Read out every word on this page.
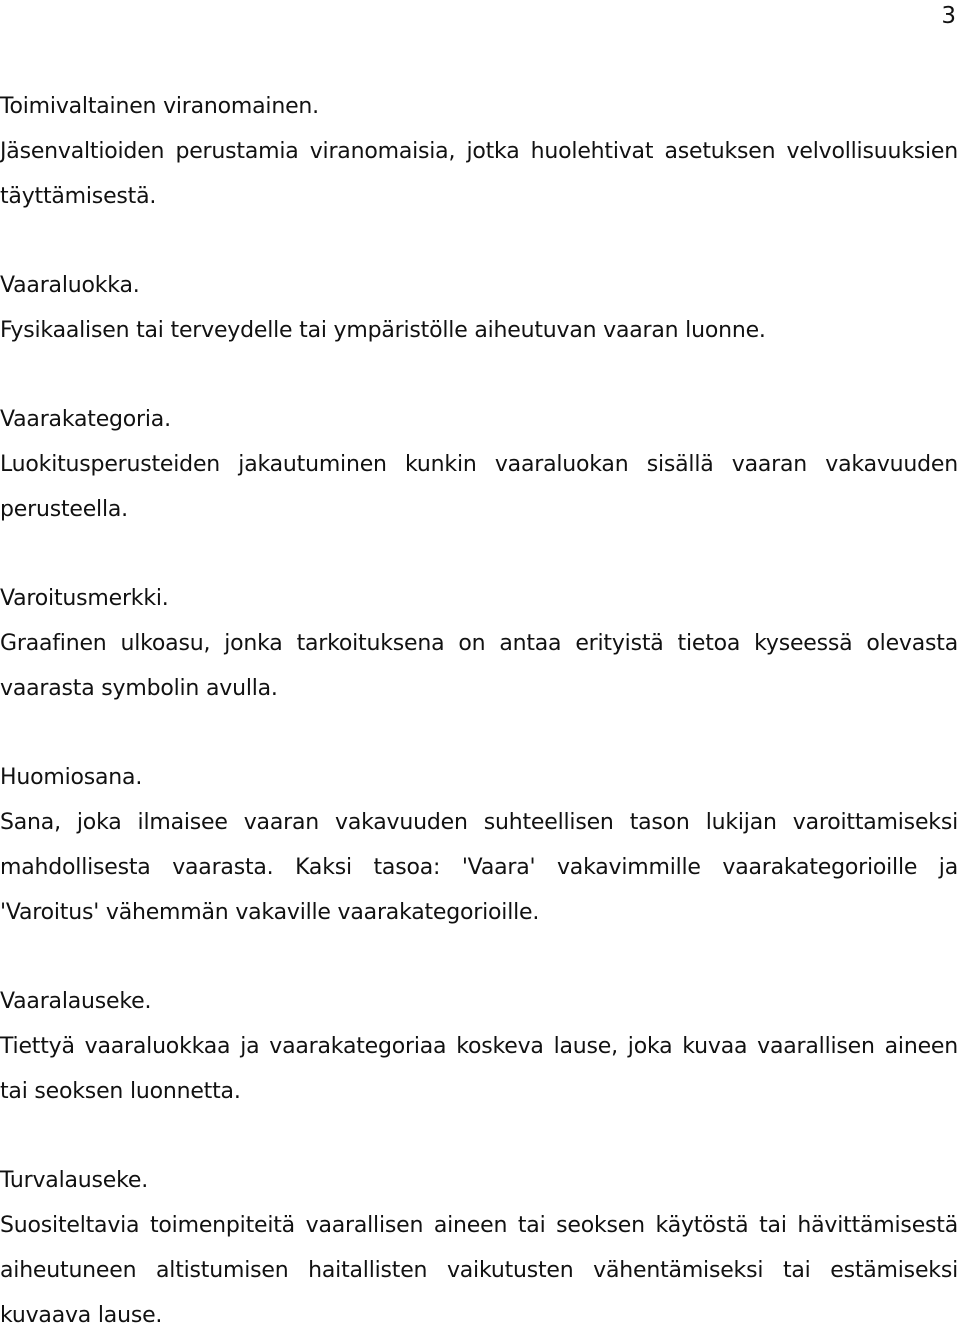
3

Toimivaltainen viranomainen.

Jäsenvaltioiden perustamia viranomaisia, jotka huolehtivat asetuksen velvollisuuksien täyttämisestä.

Vaaraluokka.

Fysikaalisen tai terveydelle tai ympäristölle aiheutuvan vaaran luonne.

Vaarakategoria.

Luokitusperusteiden jakautuminen kunkin vaaraluokan sisällä vaaran vakavuuden perusteella.

Varoitusmerkki.

Graafinen ulkoasu, jonka tarkoituksena on antaa erityistä tietoa kyseessä olevasta vaarasta symbolin avulla.

Huomiosana.

Sana, joka ilmaisee vaaran vakavuuden suhteellisen tason lukijan varoittamiseksi mahdollisesta vaarasta. Kaksi tasoa: 'Vaara' vakavimmille vaarakategorioille ja 'Varoitus' vähemmän vakaville vaarakategorioille.

Vaaralauseke.

Tiettyä vaaraluokkaa ja vaarakategoriaa koskeva lause, joka kuvaa vaarallisen aineen tai seoksen luonnetta.

Turvalauseke.

Suositeltavia toimenpiteitä vaarallisen aineen tai seoksen käytöstä tai hävittämisestä aiheutuneen altistumisen haitallisten vaikutusten vähentämiseksi tai estämiseksi kuvaava lause.
